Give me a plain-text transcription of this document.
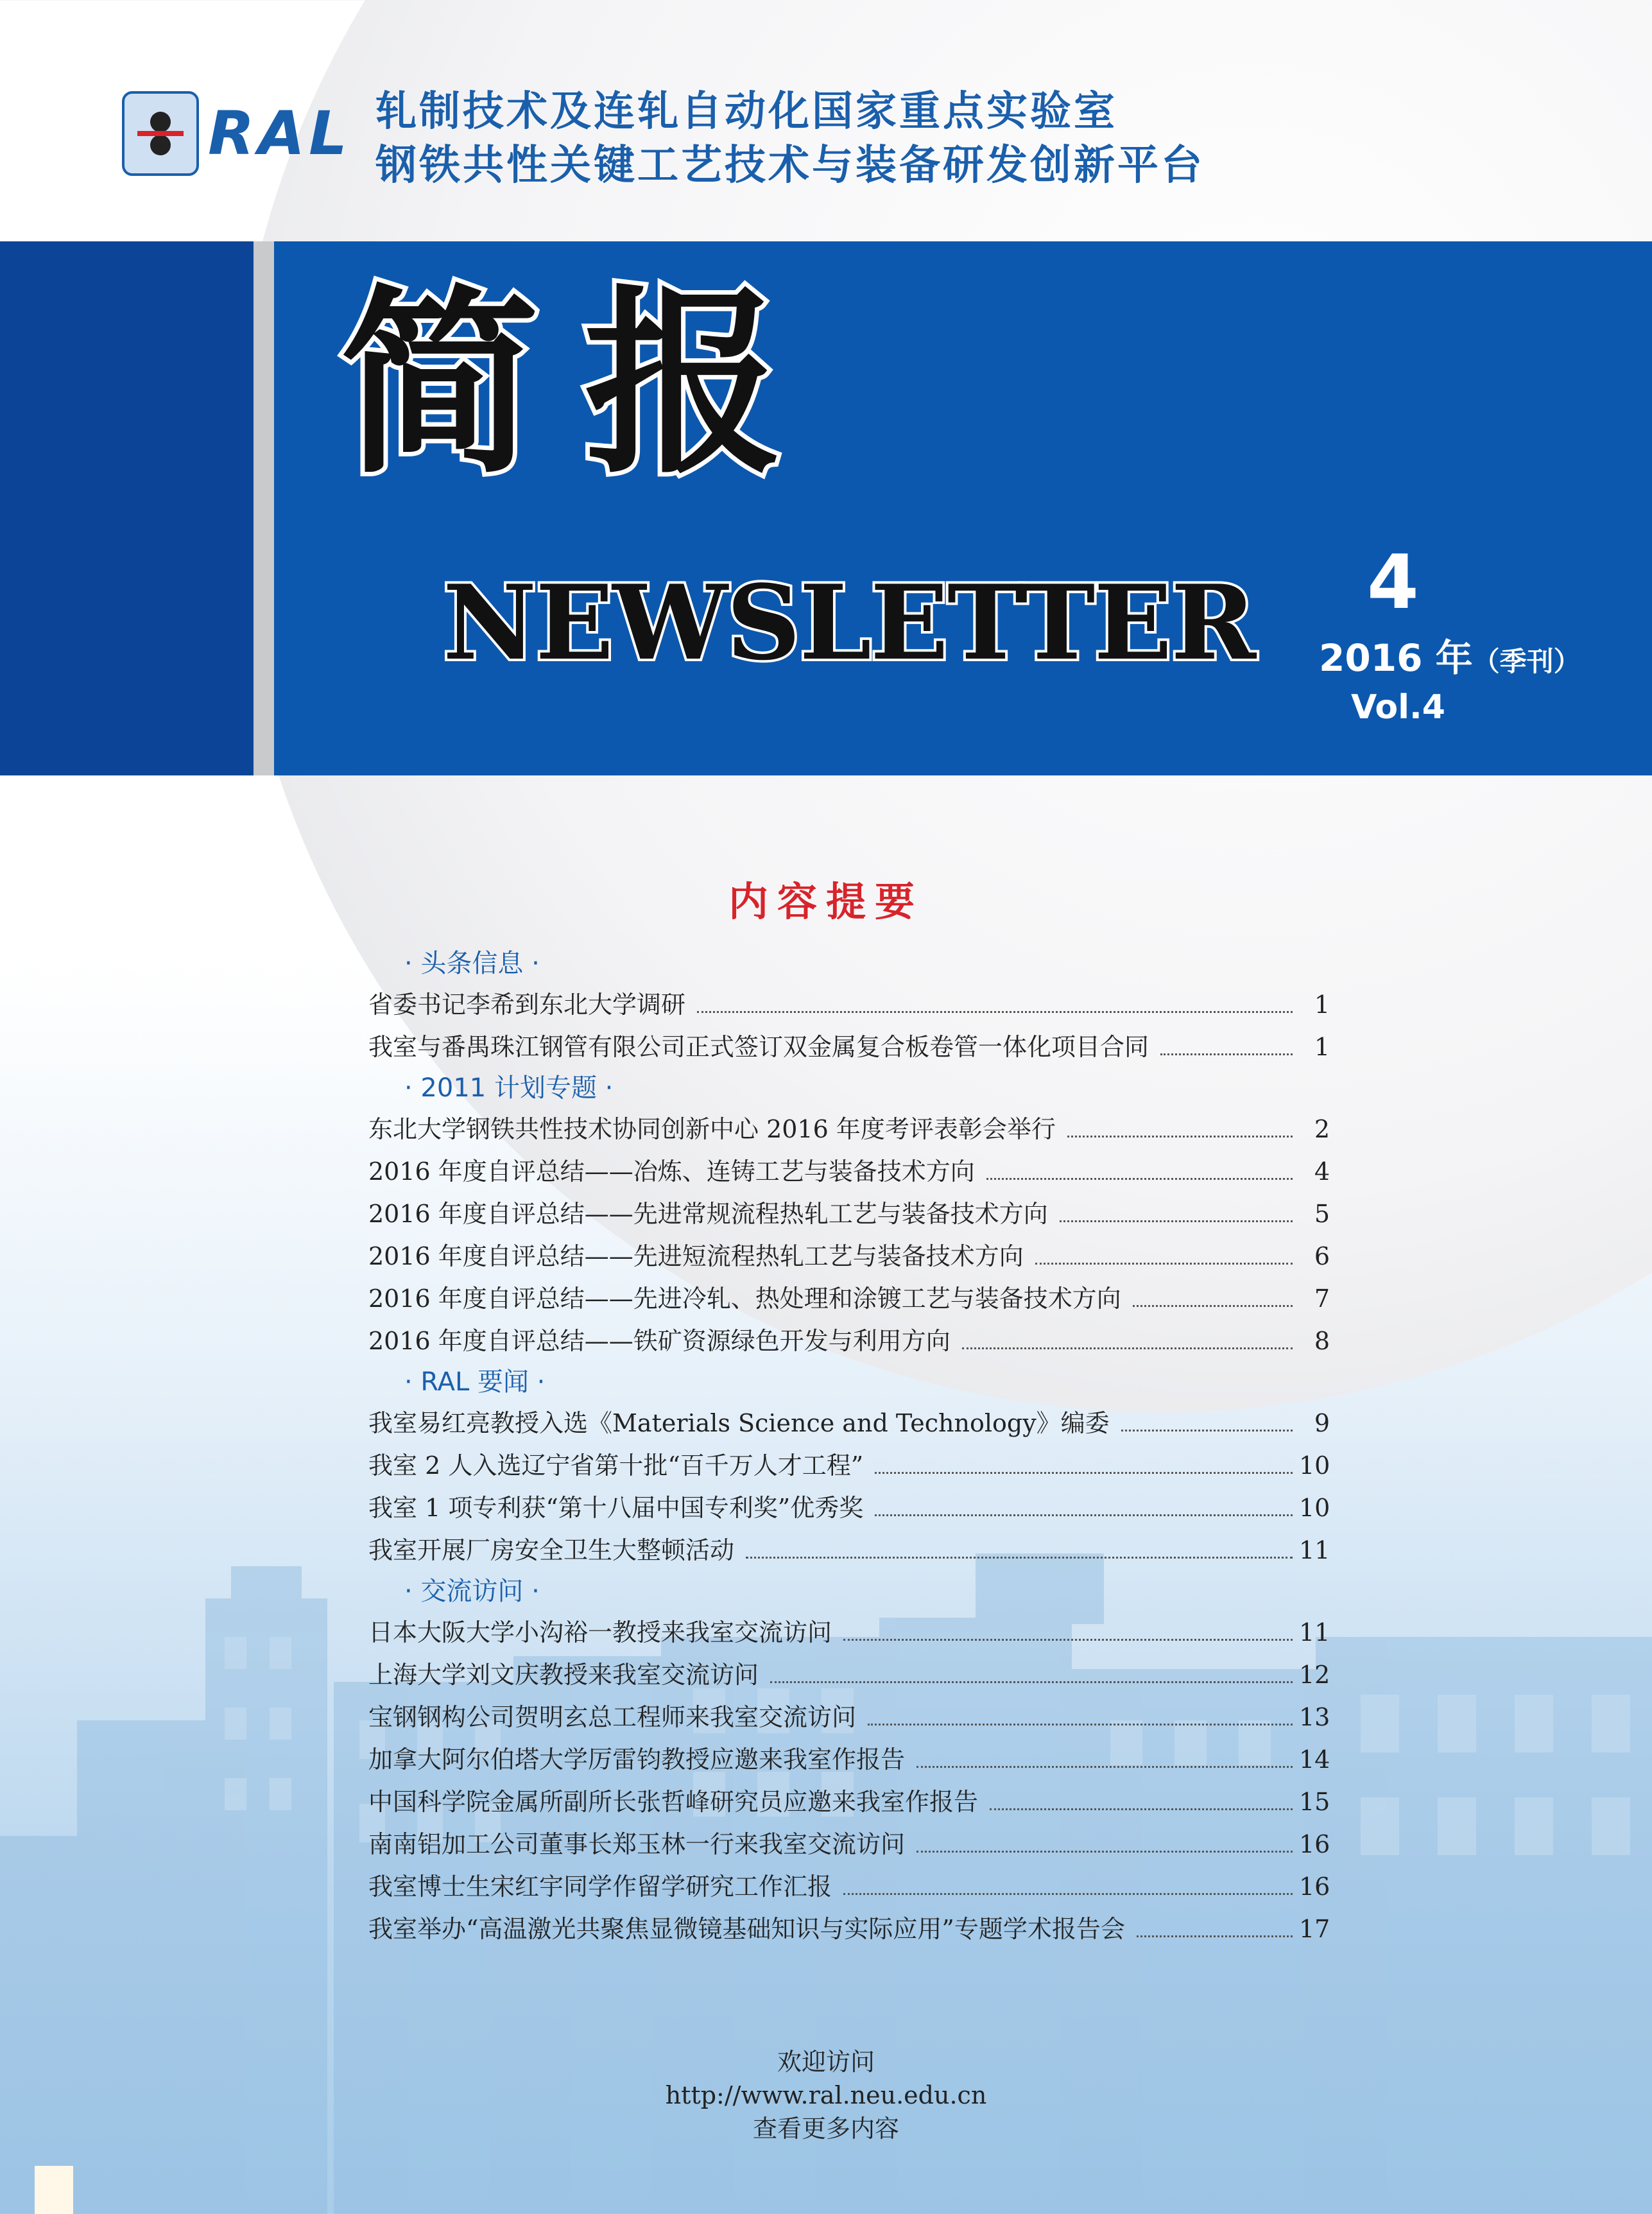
RAL 轧制技术及连轧自动化国家重点实验室
钢铁共性关键工艺技术与装备研发创新平台
简报
NEWSLETTER 4
2016 年（季刊）
Vol.4
内容提要
· 头条信息 ·
省委书记李希到东北大学调研	1
我室与番禺珠江钢管有限公司正式签订双金属复合板卷管一体化项目合同	1
· 2011 计划专题 ·
东北大学钢铁共性技术协同创新中心 2016 年度考评表彰会举行	2
2016 年度自评总结——冶炼、连铸工艺与装备技术方向	4
2016 年度自评总结——先进常规流程热轧工艺与装备技术方向	5
2016 年度自评总结——先进短流程热轧工艺与装备技术方向	6
2016 年度自评总结——先进冷轧、热处理和涂镀工艺与装备技术方向	7
2016 年度自评总结——铁矿资源绿色开发与利用方向	8
· RAL 要闻 ·
我室易红亮教授入选《Materials Science and Technology》编委	9
我室 2 人入选辽宁省第十批“百千万人才工程”	10
我室 1 项专利获“第十八届中国专利奖”优秀奖	10
我室开展厂房安全卫生大整顿活动	11
· 交流访问 ·
日本大阪大学小沟裕一教授来我室交流访问	11
上海大学刘文庆教授来我室交流访问	12
宝钢钢构公司贺明玄总工程师来我室交流访问	13
加拿大阿尔伯塔大学厉雷钧教授应邀来我室作报告	14
中国科学院金属所副所长张哲峰研究员应邀来我室作报告	15
南南铝加工公司董事长郑玉林一行来我室交流访问	16
我室博士生宋红宇同学作留学研究工作汇报	16
我室举办“高温激光共聚焦显微镜基础知识与实际应用”专题学术报告会	17
欢迎访问
http://www.ral.neu.edu.cn
查看更多内容
